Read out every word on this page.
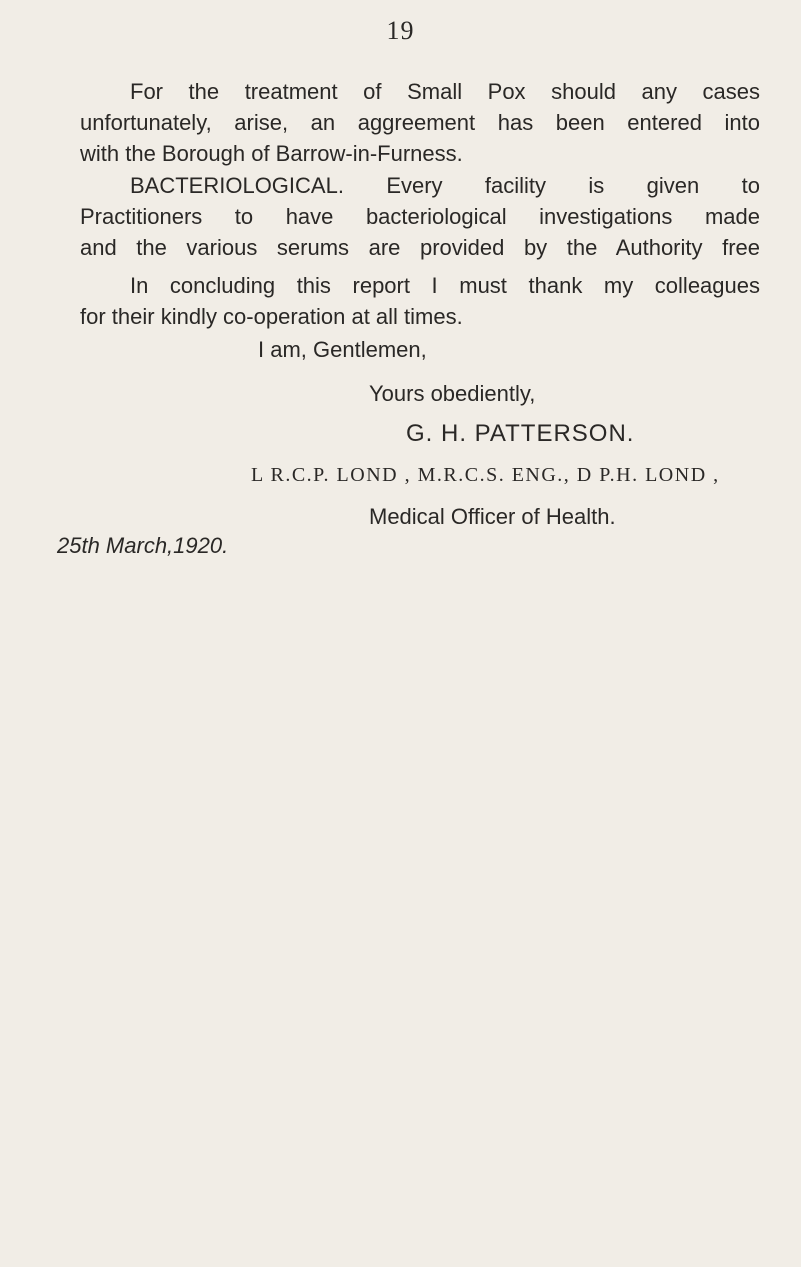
19

For the treatment of Small Pox should any cases
unfortunately, arise, an aggreement has been entered into
with the Borough of Barrow-in-Furness.

BACTERIOLOGICAL. Every facility is given to
Practitioners to have bacteriological investigations made
and the various serums are provided by the Authority free

In concluding this report I must thank my colleagues
for their kindly co-operation at all times.

I am, Gentlemen,
Yours obediently,
G. H. PATTERSON.
L R.C.P. LOND , M.R.C.S. ENG., D P.H. LOND ,
Medical Officer of Health.
25th March,1920.
